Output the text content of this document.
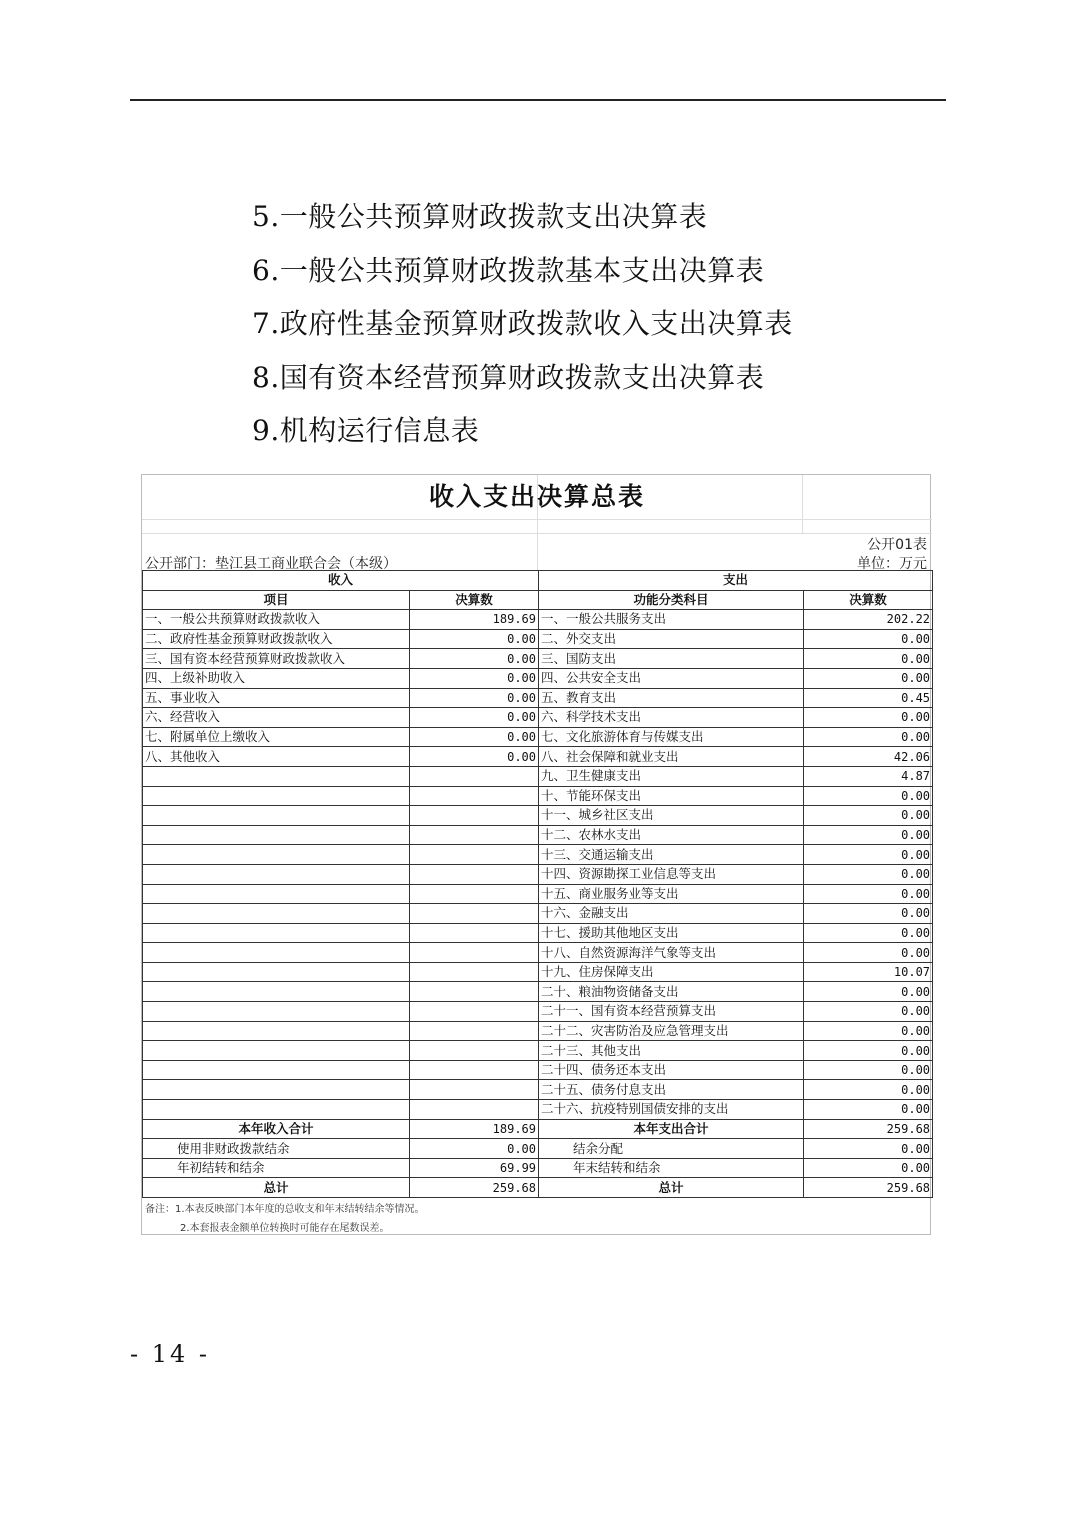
5.一般公共预算财政拨款支出决算表
6.一般公共预算财政拨款基本支出决算表
7.政府性基金预算财政拨款收入支出决算表
8.国有资本经营预算财政拨款支出决算表
9.机构运行信息表
收入支出决算总表
公开01表
公开部门：垫江县工商业联合会（本级）	单位：万元
收入		支出	
项目	决算数	功能分类科目	决算数
一、一般公共预算财政拨款收入	189.69	一、一般公共服务支出	202.22
二、政府性基金预算财政拨款收入	0.00	二、外交支出	0.00
三、国有资本经营预算财政拨款收入	0.00	三、国防支出	0.00
四、上级补助收入	0.00	四、公共安全支出	0.00
五、事业收入	0.00	五、教育支出	0.45
六、经营收入	0.00	六、科学技术支出	0.00
七、附属单位上缴收入	0.00	七、文化旅游体育与传媒支出	0.00
八、其他收入	0.00	八、社会保障和就业支出	42.06
		九、卫生健康支出	4.87
		十、节能环保支出	0.00
		十一、城乡社区支出	0.00
		十二、农林水支出	0.00
		十三、交通运输支出	0.00
		十四、资源勘探工业信息等支出	0.00
		十五、商业服务业等支出	0.00
		十六、金融支出	0.00
		十七、援助其他地区支出	0.00
		十八、自然资源海洋气象等支出	0.00
		十九、住房保障支出	10.07
		二十、粮油物资储备支出	0.00
		二十一、国有资本经营预算支出	0.00
		二十二、灾害防治及应急管理支出	0.00
		二十三、其他支出	0.00
		二十四、债务还本支出	0.00
		二十五、债务付息支出	0.00
		二十六、抗疫特别国债安排的支出	0.00
本年收入合计	189.69	本年支出合计	259.68
使用非财政拨款结余	0.00	结余分配	0.00
年初结转和结余	69.99	年末结转和结余	0.00
总计	259.68	总计	259.68
备注：1.本表反映部门本年度的总收支和年末结转结余等情况。
2.本套报表金额单位转换时可能存在尾数误差。
- 14 -
